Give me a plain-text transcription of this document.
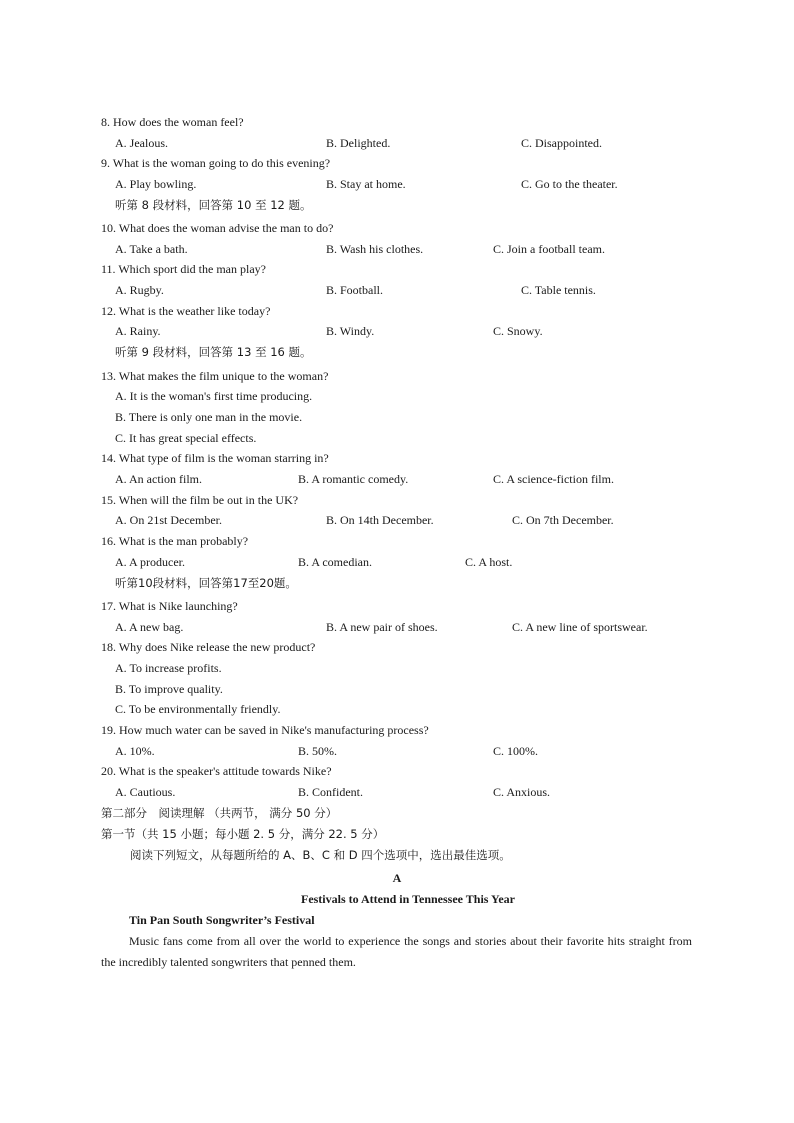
8. How does the woman feel?
A. Jealous.	B. Delighted.	C. Disappointed.
9. What is the woman going to do this evening?
A. Play bowling.	B. Stay at home.	C. Go to the theater.
听第 8 段材料，回答第 10 至 12 题。
10. What does the woman advise the man to do?
A. Take a bath.	B. Wash his clothes.	C. Join a football team.
11. Which sport did the man play?
A. Rugby.	B. Football.	C. Table tennis.
12. What is the weather like today?
A. Rainy.	B. Windy.	C. Snowy.
听第 9 段材料，回答第 13 至 16 题。
13. What makes the film unique to the woman?
A. It is the woman's first time producing.
B. There is only one man in the movie.
C. It has great special effects.
14. What type of film is the woman starring in?
A. An action film.	B. A romantic comedy.	C. A science-fiction film.
15. When will the film be out in the UK?
A. On 21st December.	B. On 14th December.	C. On 7th December.
16. What is the man probably?
A. A producer.	B. A comedian.	C. A host.
听第10段材料，回答第17至20题。
17. What is Nike launching?
A. A new bag.	B. A new pair of shoes.	C. A new line of sportswear.
18. Why does Nike release the new product?
A. To increase profits.
B. To improve quality.
C. To be environmentally friendly.
19. How much water can be saved in Nike's manufacturing process?
A. 10%.	B. 50%.	C. 100%.
20. What is the speaker's attitude towards Nike?
A. Cautious.	B. Confident.	C. Anxious.
第二部分　阅读理解 （共两节， 满分 50 分）
第一节（共 15 小题；每小题 2. 5 分，满分 22. 5 分）
阅读下列短文，从每题所给的 A、B、C 和 D 四个选项中，选出最佳选项。
A
Festivals to Attend in Tennessee This Year
Tin Pan South Songwriter’s Festival
Music fans come from all over the world to experience the songs and stories about their favorite hits straight from the incredibly talented songwriters that penned them.
